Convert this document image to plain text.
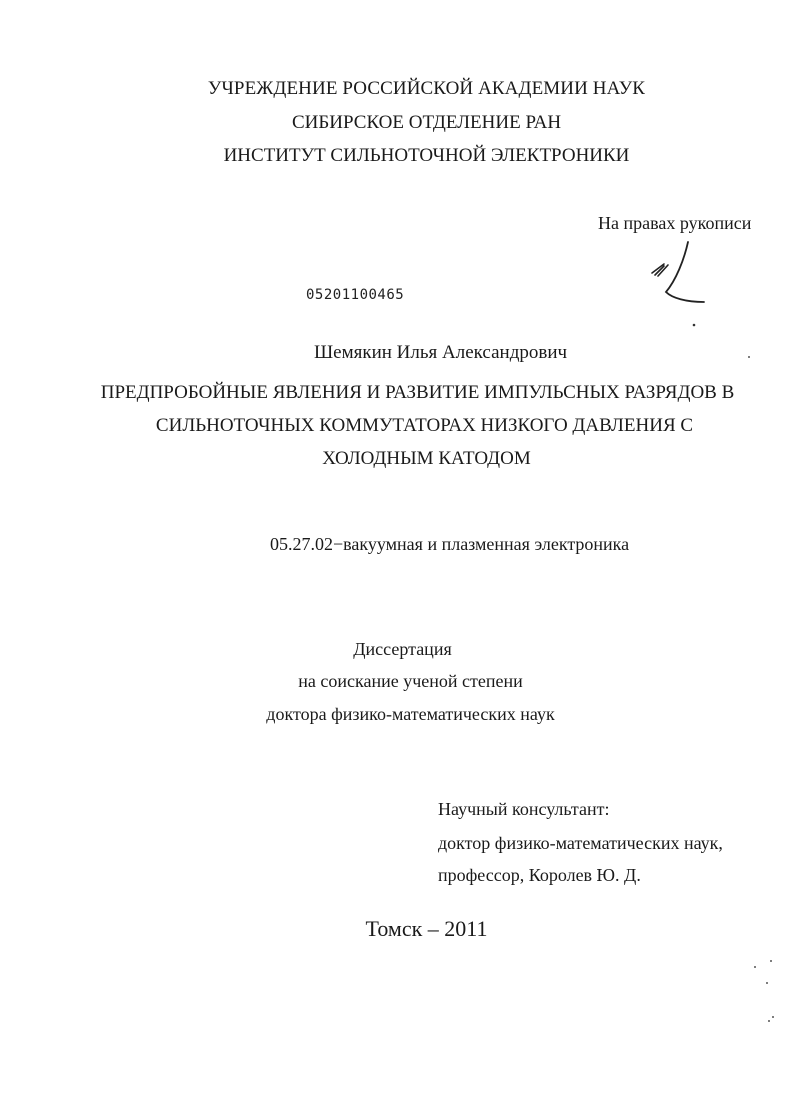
УЧРЕЖДЕНИЕ РОССИЙСКОЙ АКАДЕМИИ НАУК
СИБИРСКОЕ ОТДЕЛЕНИЕ РАН
ИНСТИТУТ СИЛЬНОТОЧНОЙ ЭЛЕКТРОНИКИ
На правах рукописи
05201100465
Шемякин Илья Александрович
ПРЕДПРОБОЙНЫЕ ЯВЛЕНИЯ И РАЗВИТИЕ ИМПУЛЬСНЫХ РАЗРЯДОВ В
СИЛЬНОТОЧНЫХ КОММУТАТОРАХ НИЗКОГО ДАВЛЕНИЯ С
ХОЛОДНЫМ КАТОДОМ
05.27.02−вакуумная и плазменная электроника
Диссертация
на соискание ученой степени
доктора физико-математических наук
Научный консультант:
доктор физико-математических наук,
профессор, Королев Ю. Д.
Томск – 2011
